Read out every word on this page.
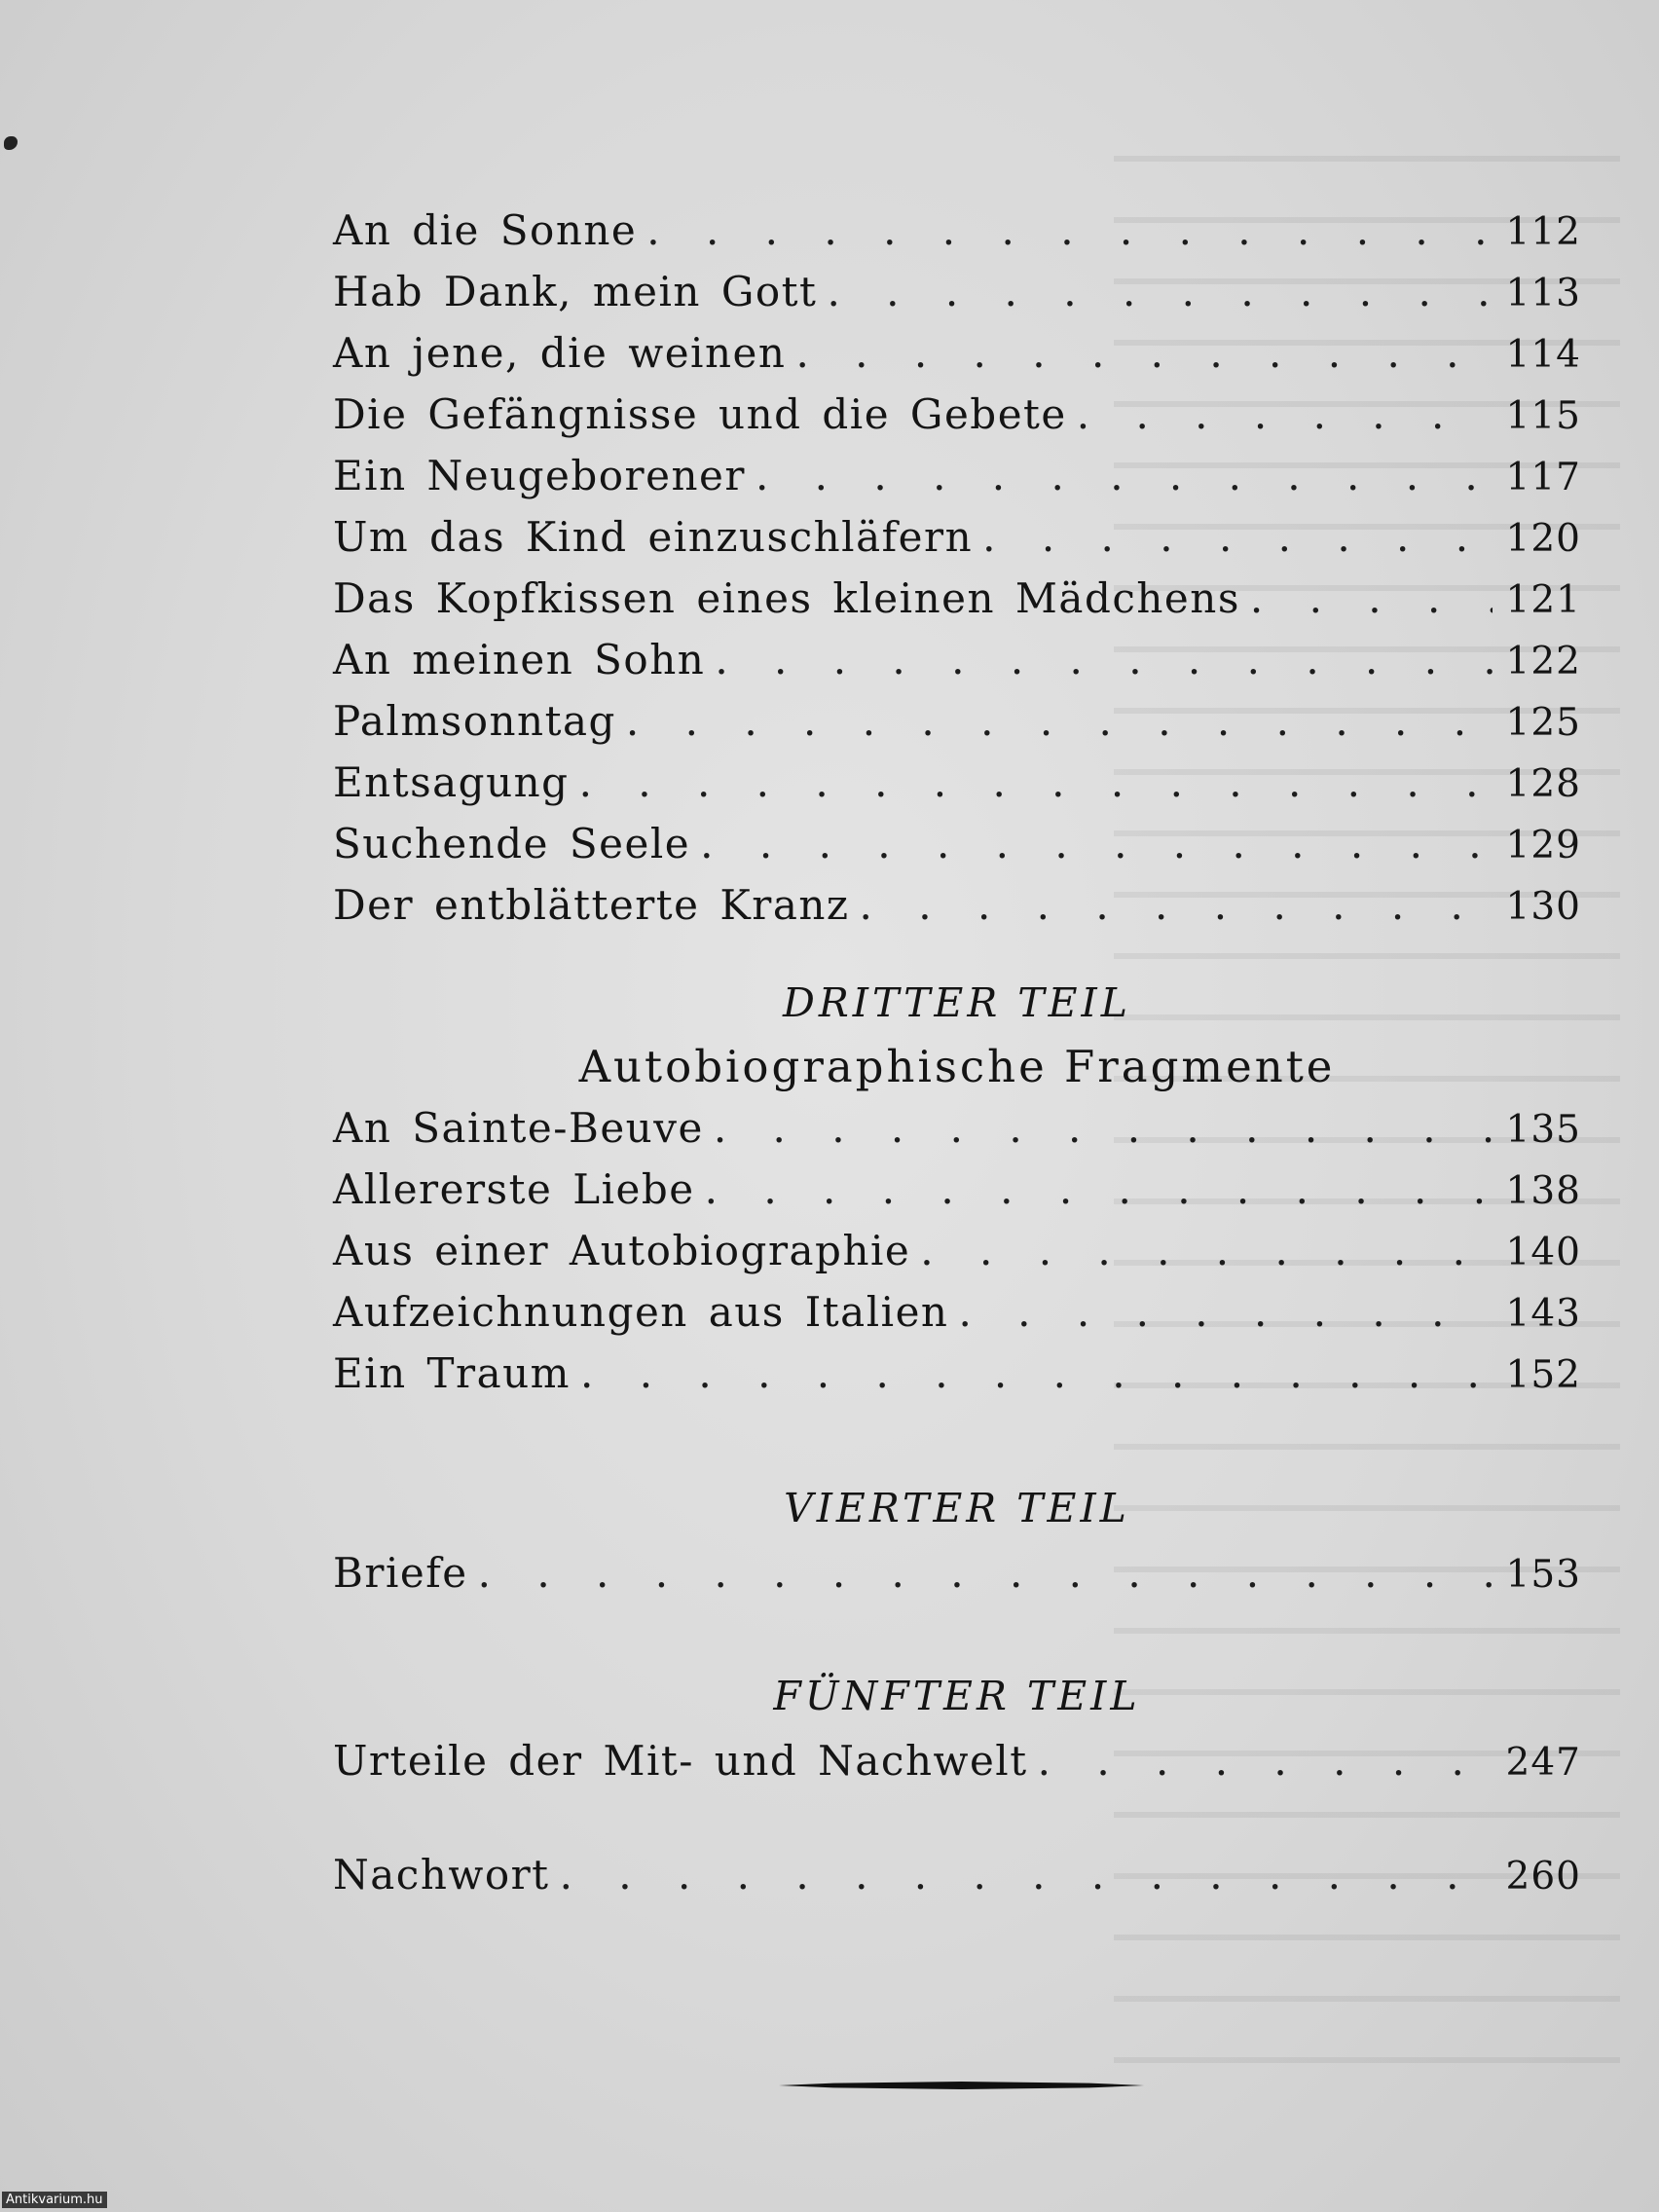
An die Sonne . . .	112
Hab Dank, mein Gott . . .	113
An jene, die weinen . . .	114
Die Gefängnisse und die Gebete . . .	115
Ein Neugeborener . . .	117
Um das Kind einzuschläfern . . .	120
Das Kopfkissen eines kleinen Mädchens . . .	121
An meinen Sohn . . .	122
Palmsonntag . . .	125
Entsagung . . .	128
Suchende Seele . . .	129
Der entblätterte Kranz . . .	130
DRITTER TEIL
Autobiographische Fragmente
An Sainte-Beuve . . .	135
Allererste Liebe . . .	138
Aus einer Autobiographie . . .	140
Aufzeichnungen aus Italien . . .	143
Ein Traum . . .	152
VIERTER TEIL
Briefe . . .	153
FÜNFTER TEIL
Urteile der Mit- und Nachwelt . . .	247
Nachwort . . .	260
Antikvarium.hu
